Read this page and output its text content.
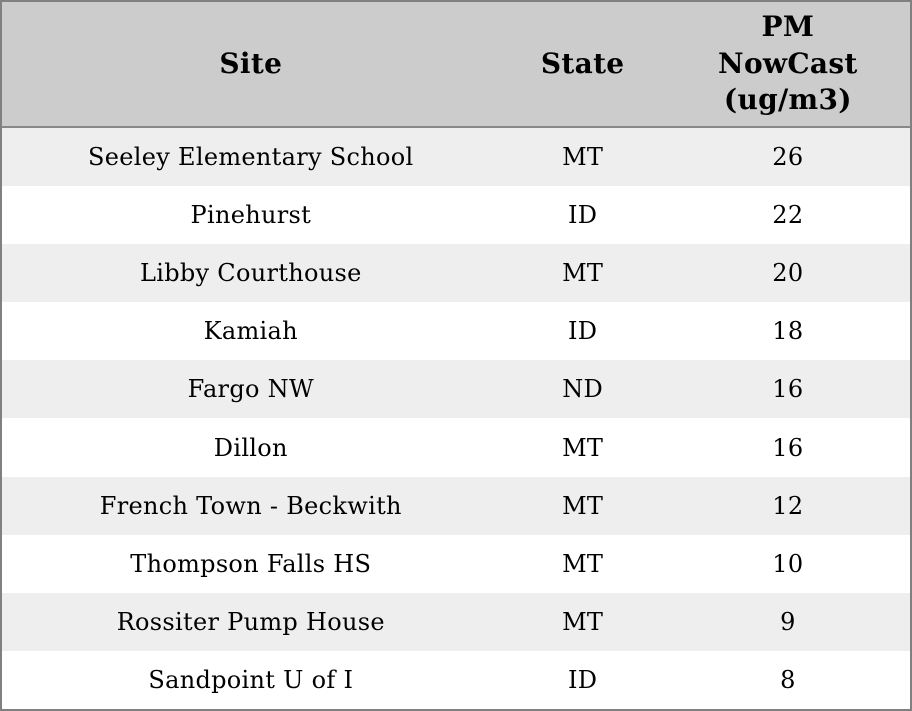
Site	State	PM NowCast (ug/m3)
Seeley Elementary School	MT	26
Pinehurst	ID	22
Libby Courthouse	MT	20
Kamiah	ID	18
Fargo NW	ND	16
Dillon	MT	16
French Town - Beckwith	MT	12
Thompson Falls HS	MT	10
Rossiter Pump House	MT	9
Sandpoint U of I	ID	8
